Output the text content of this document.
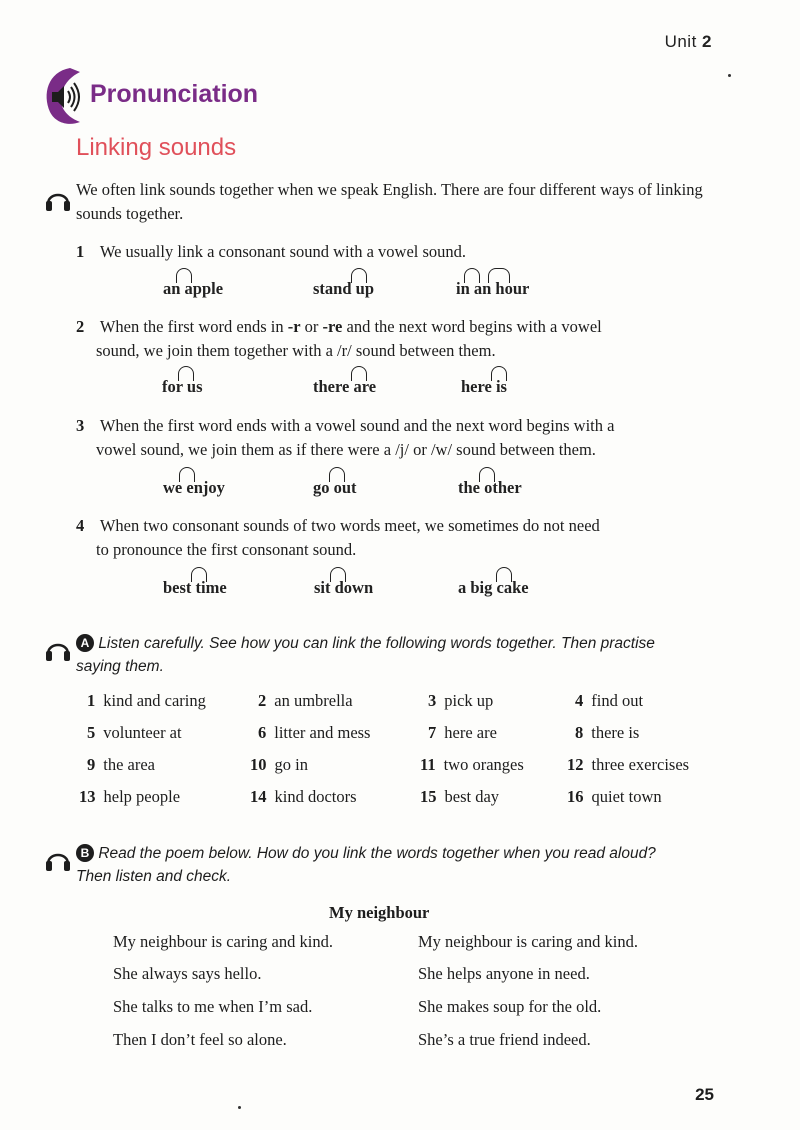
Unit 2
Pronunciation
Linking sounds
We often link sounds together when we speak English. There are four different ways of linking sounds together.
1 We usually link a consonant sound with a vowel sound.
an apple	stand up	in an hour
2 When the first word ends in -r or -re and the next word begins with a vowel
sound, we join them together with a /r/ sound between them.
for us	there are	here is
3 When the first word ends with a vowel sound and the next word begins with a
vowel sound, we join them as if there were a /j/ or /w/ sound between them.
we enjoy	go out	the other
4 When two consonant sounds of two words meet, we sometimes do not need
to pronounce the first consonant sound.
best time	sit down	a big cake
A Listen carefully. See how you can link the following words together. Then practise
saying them.
1 kind and caring	2 an umbrella	3 pick up	4 find out
5 volunteer at	6 litter and mess	7 here are	8 there is
9 the area	10 go in	11 two oranges	12 three exercises
13 help people	14 kind doctors	15 best day	16 quiet town
B Read the poem below. How do you link the words together when you read aloud?
Then listen and check.
My neighbour
My neighbour is caring and kind.
She always says hello.
She talks to me when I’m sad.
Then I don’t feel so alone.
My neighbour is caring and kind.
She helps anyone in need.
She makes soup for the old.
She’s a true friend indeed.
25
